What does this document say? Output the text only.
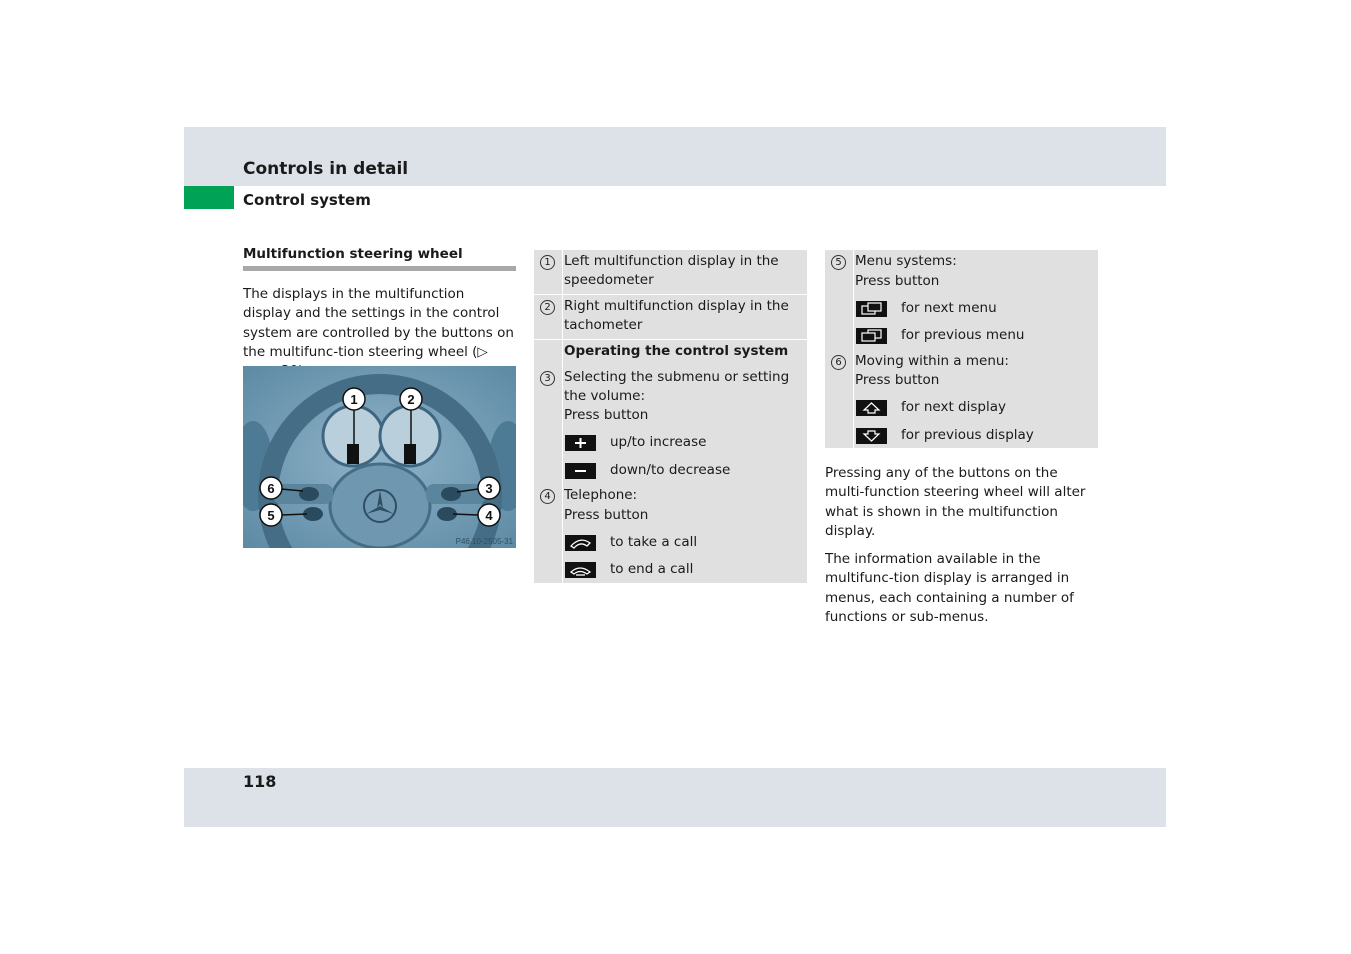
Controls in detail
Control system
Multifunction steering wheel

The displays in the multifunction display and the settings in the control system are controlled by the buttons on the multifunc-tion steering wheel (▷

1	2
3
4
5
6
P46.10-2505-31
1 Left multifunction display in the speedometer
2 Right multifunction display in the tachometer
Operating the control system
3 Selecting the submenu or setting the volume:
Press button
up/to increase
down/to decrease
4 Telephone:
Press button
to take a call
to end a call
5 Menu systems:
Press button
for next menu
for previous menu
6 Moving within a menu:
Press button
for next display
for previous display

Pressing any of the buttons on the multi-function steering wheel will alter what is shown in the multifunction display.

The information available in the multifunc-tion display is arranged in menus, each containing a number of functions or sub-menus.

118
